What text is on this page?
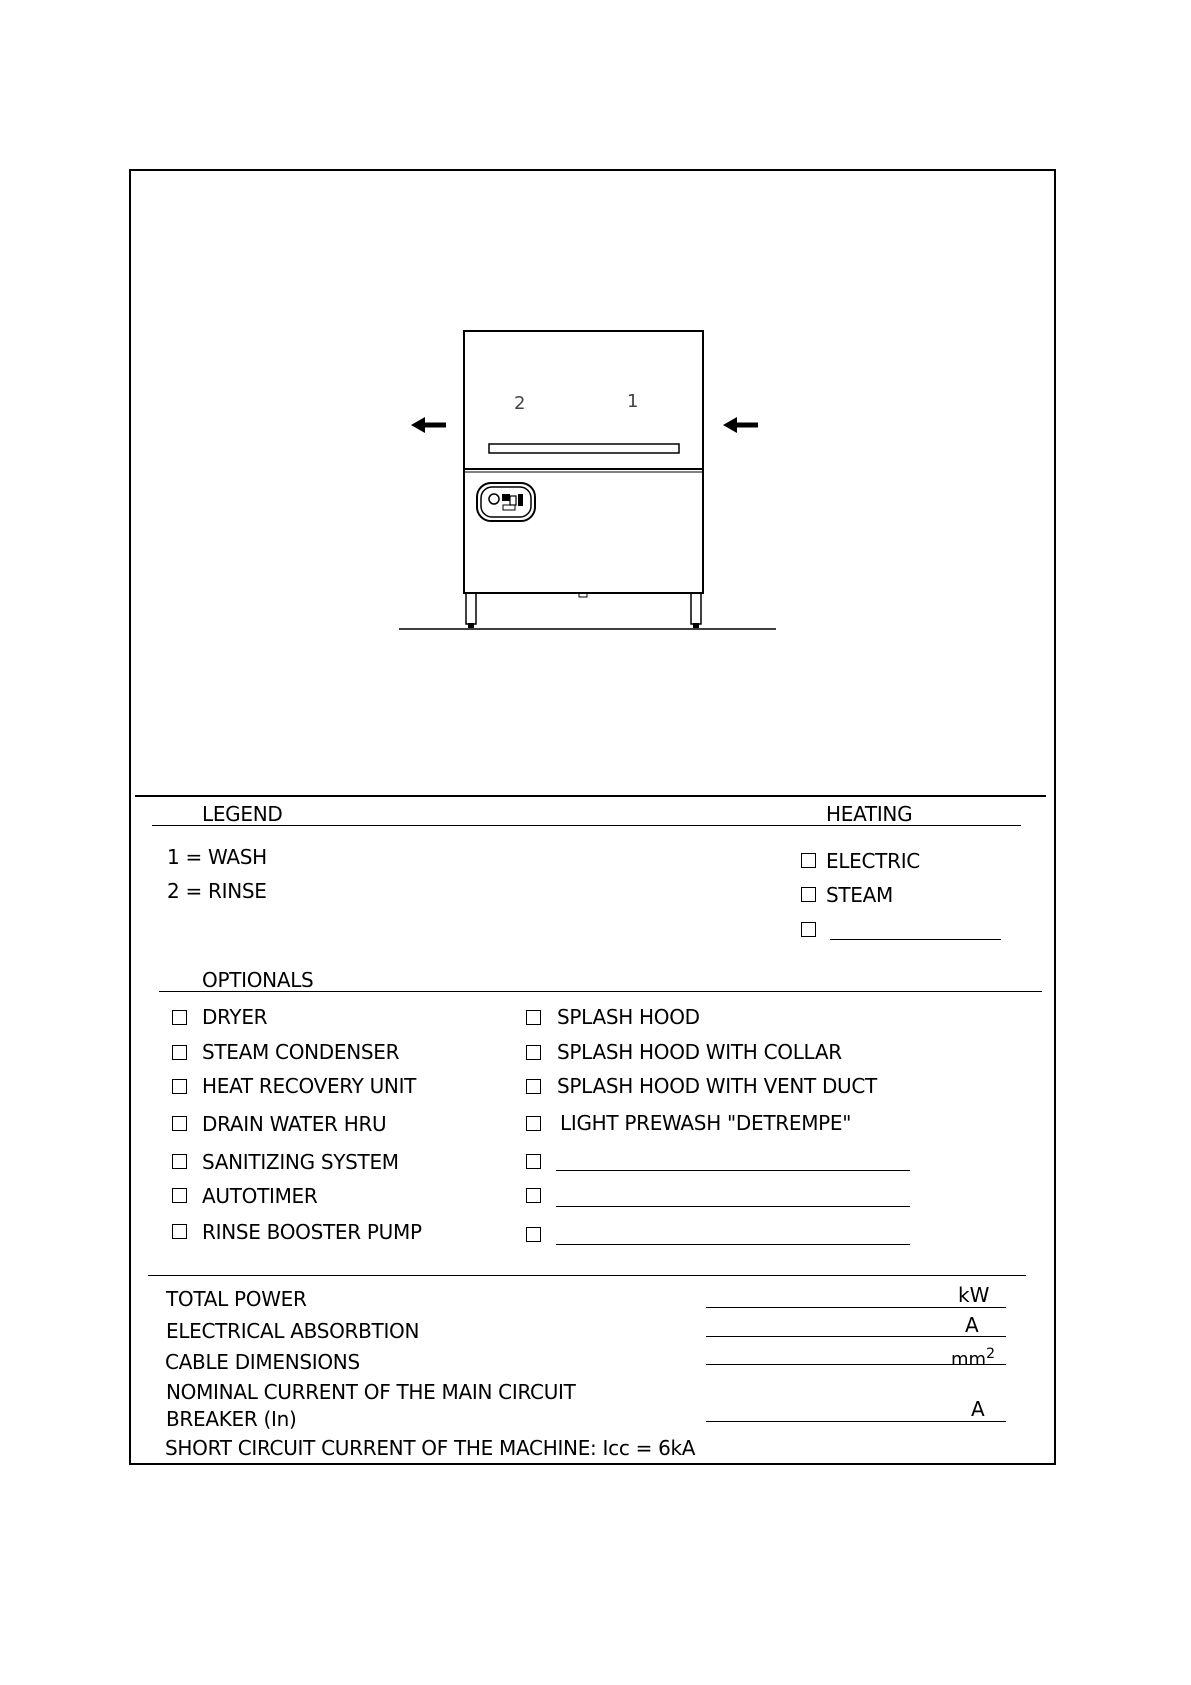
2	1
LEGEND
1 = WASH
2 = RINSE
HEATING
ELECTRIC
STEAM
OPTIONALS
DRYER
STEAM CONDENSER
HEAT RECOVERY UNIT
DRAIN WATER HRU
SANITIZING SYSTEM
AUTOTIMER
RINSE BOOSTER PUMP
SPLASH HOOD
SPLASH HOOD WITH COLLAR
SPLASH HOOD WITH VENT DUCT
LIGHT PREWASH "DETREMPE"
TOTAL POWER	kW
ELECTRICAL ABSORBTION	A
CABLE DIMENSIONS	$mm^2$
NOMINAL CURRENT OF THE MAIN CIRCUIT
BREAKER (In)	A
SHORT CIRCUIT CURRENT OF THE MACHINE: Icc = 6kA
